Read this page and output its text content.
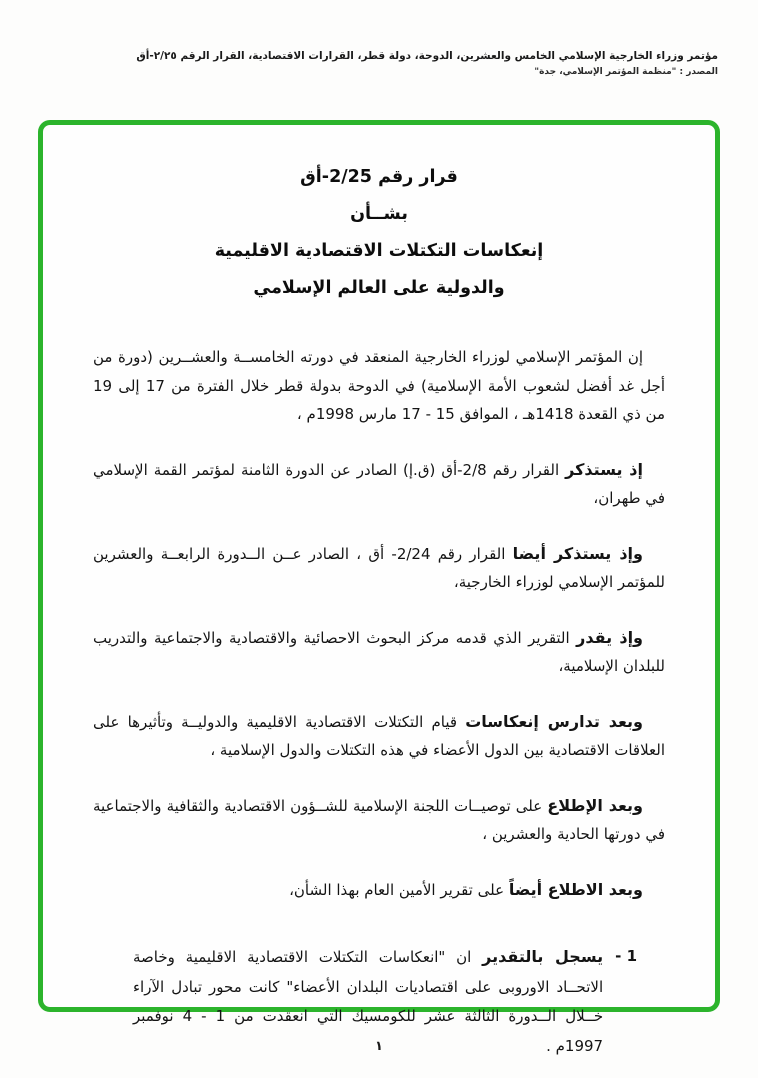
مؤتمر وزراء الخارجية الإسلامي الخامس والعشرين، الدوحة، دولة قطر، القرارات الاقتصادية، القرار الرقم ٢/٢٥-أق
المصدر : "منظمة المؤتمر الإسلامي، جدة"
قرار رقم 2/25-أق
بشــأن
إنعكاسات التكتلات الاقتصادية الاقليمية
والدولية على العالم الإسلامي

إن المؤتمر الإسلامي لوزراء الخارجية المنعقد في دورته الخامســة والعشــرين (دورة من أجل غد أفضل لشعوب الأمة الإسلامية) في الدوحة بدولة قطر خلال الفترة من 17 إلى 19 من ذي القعدة 1418هـ ، الموافق 15 - 17 مارس 1998م ،

إذ يستذكر القرار رقم 2/8-أق (ق.إ) الصادر عن الدورة الثامنة لمؤتمر القمة الإسلامي في طهران،

وإذ يستذكر أيضا القرار رقم 2/24- أق ، الصادر عــن الــدورة الرابعــة والعشرين للمؤتمر الإسلامي لوزراء الخارجية،

وإذ يقدر التقرير الذي قدمه مركز البحوث الاحصائية والاقتصادية والاجتماعية والتدريب للبلدان الإسلامية،

وبعد تدارس إنعكاسات قيام التكتلات الاقتصادية الاقليمية والدوليــة وتأثيرها على العلاقات الاقتصادية بين الدول الأعضاء في هذه التكتلات والدول الإسلامية ،

وبعد الإطلاع على توصيــات اللجنة الإسلامية للشــؤون الاقتصادية والثقافية والاجتماعية في دورتها الحادية والعشرين ،

وبعد الاطلاع أيضاً على تقرير الأمين العام بهذا الشأن،

1 -
يسجل بالتقدير ان "انعكاسات التكتلات الاقتصادية الاقليمية وخاصة الاتحــاد الاوروبى على اقتصاديات البلدان الأعضاء" كانت محور تبادل الآراء خــلال الــدورة الثالثة عشر للكومسيك التي انعقدت من 1 - 4 نوفمبر 1997م .
١
